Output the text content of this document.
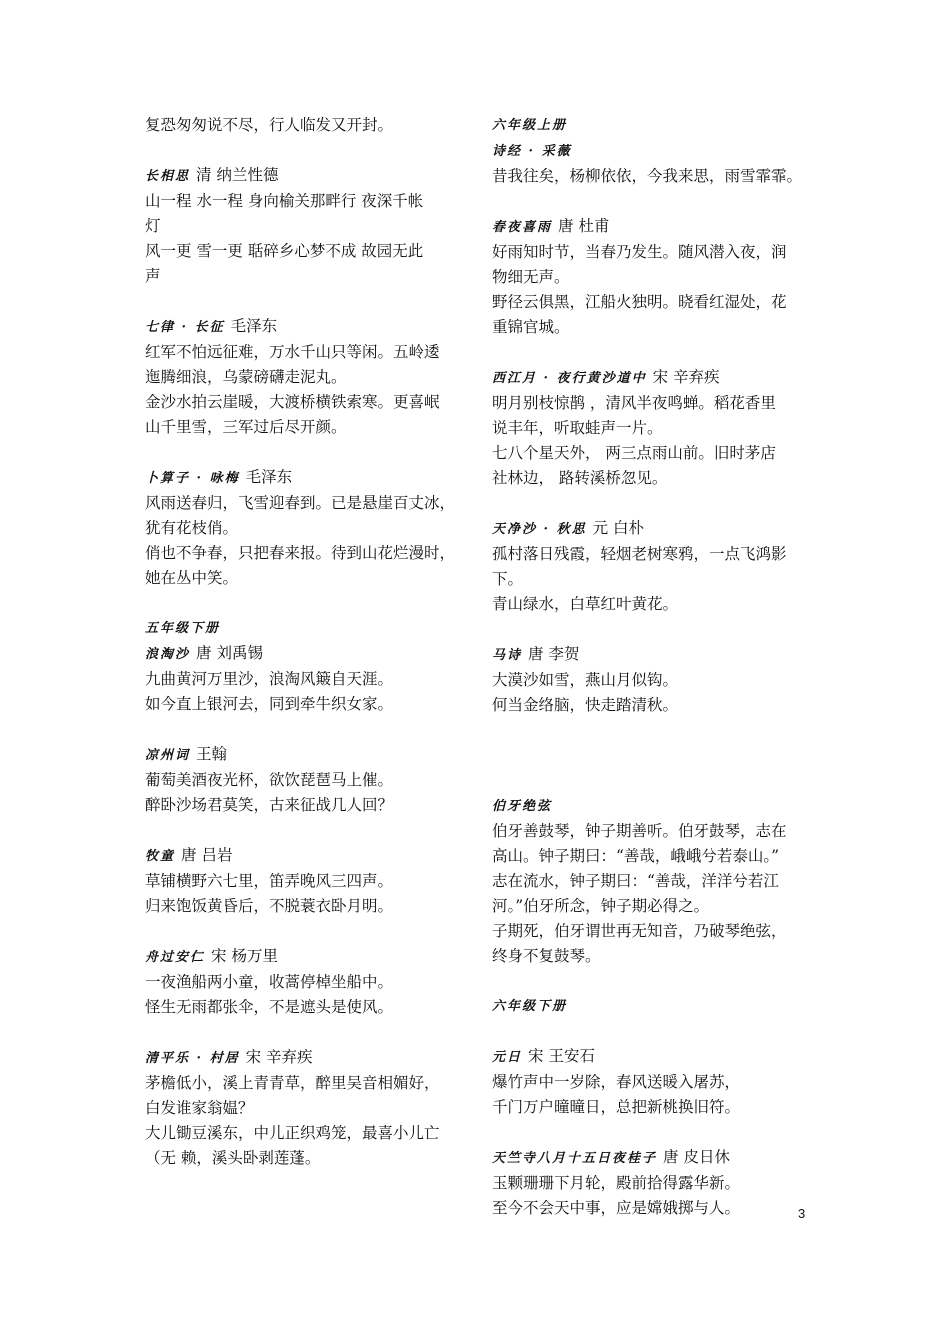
复恐匆匆说不尽，行人临发又开封。
长相思 清 纳兰性德
山一程 水一程 身向榆关那畔行 夜深千帐
灯
风一更 雪一更 聒碎乡心梦不成 故园无此
声
七律 · 长征 毛泽东
红军不怕远征难，万水千山只等闲。五岭逶
迤腾细浪，乌蒙磅礴走泥丸。
金沙水拍云崖暖，大渡桥横铁索寒。更喜岷
山千里雪，三军过后尽开颜。
卜算子 · 咏梅 毛泽东
风雨送春归，飞雪迎春到。已是悬崖百丈冰，
犹有花枝俏。
俏也不争春，只把春来报。待到山花烂漫时，
她在丛中笑。
五年级下册
浪淘沙 唐 刘禹锡
九曲黄河万里沙，浪淘风簸自天涯。
如今直上银河去，同到牵牛织女家。
凉州词 王翰
葡萄美酒夜光杯，欲饮琵琶马上催。
醉卧沙场君莫笑，古来征战几人回？
牧童 唐 吕岩
草铺横野六七里，笛弄晚风三四声。
归来饱饭黄昏后，不脱蓑衣卧月明。
舟过安仁 宋 杨万里
一夜渔船两小童，收蒿停棹坐船中。
怪生无雨都张伞，不是遮头是使风。
清平乐 · 村居 宋 辛弃疾
茅檐低小，溪上青青草，醉里吴音相媚好，
白发谁家翁媪？
大儿锄豆溪东，中儿正织鸡笼，最喜小儿亡
（无 赖，溪头卧剥莲蓬。
六年级上册
诗经 · 采薇
昔我往矣，杨柳依依，今我来思，雨雪霏霏。
春夜喜雨 唐 杜甫
好雨知时节，当春乃发生。随风潜入夜，润
物细无声。
野径云俱黑，江船火独明。晓看红湿处，花
重锦官城。
西江月 · 夜行黄沙道中 宋 辛弃疾
明月别枝惊鹊 ，清风半夜鸣蝉。稻花香里
说丰年，听取蛙声一片。
七八个星天外， 两三点雨山前。旧时茅店
社林边， 路转溪桥忽见。
天净沙 · 秋思 元 白朴
孤村落日残霞，轻烟老树寒鸦，一点飞鸿影
下。
青山绿水，白草红叶黄花。
马诗 唐 李贺
大漠沙如雪，燕山月似钩。
何当金络脑，快走踏清秋。
伯牙绝弦
伯牙善鼓琴，钟子期善听。伯牙鼓琴，志在
高山。钟子期曰：“善哉，峨峨兮若泰山。”
志在流水，钟子期曰：“善哉，洋洋兮若江
河。”伯牙所念，钟子期必得之。
子期死，伯牙谓世再无知音，乃破琴绝弦，
终身不复鼓琴。
六年级下册
元日 宋 王安石
爆竹声中一岁除，春风送暖入屠苏，
千门万户曈曈日，总把新桃换旧符。
天竺寺八月十五日夜桂子 唐 皮日休
玉颗珊珊下月轮，殿前拾得露华新。
至今不会天中事，应是嫦娥掷与人。	3
